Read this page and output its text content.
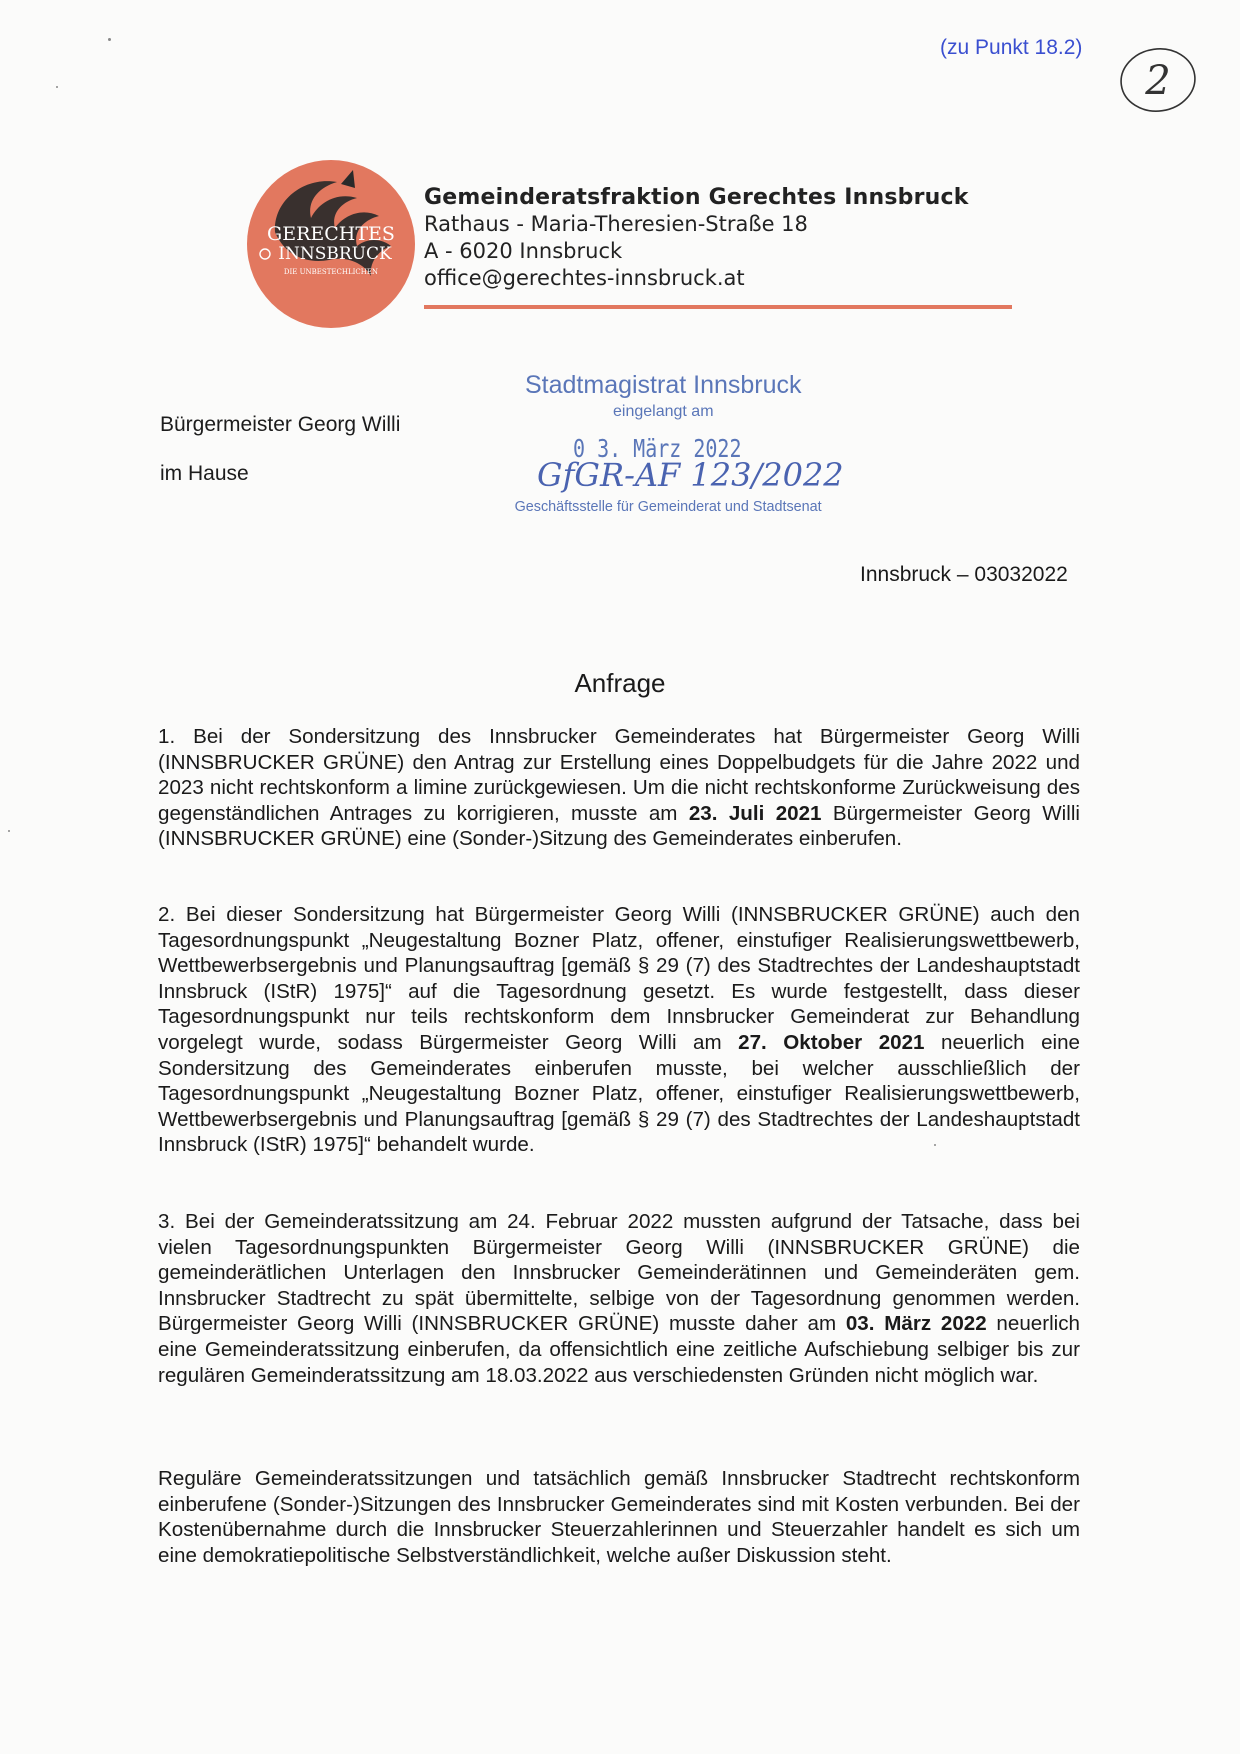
(zu Punkt 18.2)
2
GERECHTES
INNSBRUCK
DIE UNBESTECHLICHEN
Gemeinderatsfraktion Gerechtes Innsbruck
Rathaus - Maria-Theresien-Straße 18
A - 6020 Innsbruck
office@gerechtes-innsbruck.at
Bürgermeister Georg Willi
im Hause
Stadtmagistrat Innsbruck
eingelangt am
0 3. März 2022
GfGR-AF 123/2022
Geschäftsstelle für Gemeinderat und Stadtsenat
Innsbruck – 03032022
Anfrage
1. Bei der Sondersitzung des Innsbrucker Gemeinderates hat Bürgermeister Georg Willi (INNSBRUCKER GRÜNE) den Antrag zur Erstellung eines Doppelbudgets für die Jahre 2022 und 2023 nicht rechtskonform a limine zurückgewiesen. Um die nicht rechtskonforme Zurückweisung des gegenständlichen Antrages zu korrigieren, musste am 23. Juli 2021 Bürgermeister Georg Willi (INNSBRUCKER GRÜNE) eine (Sonder-)Sitzung des Gemeinderates einberufen.
2. Bei dieser Sondersitzung hat Bürgermeister Georg Willi (INNSBRUCKER GRÜNE) auch den Tagesordnungspunkt „Neugestaltung Bozner Platz, offener, einstufiger Realisierungswettbewerb, Wettbewerbsergebnis und Planungsauftrag [gemäß § 29 (7) des Stadtrechtes der Landeshauptstadt Innsbruck (IStR) 1975]“ auf die Tagesordnung gesetzt. Es wurde festgestellt, dass dieser Tagesordnungspunkt nur teils rechtskonform dem Innsbrucker Gemeinderat zur Behandlung vorgelegt wurde, sodass Bürgermeister Georg Willi am 27. Oktober 2021 neuerlich eine Sondersitzung des Gemeinderates einberufen musste, bei welcher ausschließlich der Tagesordnungspunkt „Neugestaltung Bozner Platz, offener, einstufiger Realisierungswettbewerb, Wettbewerbsergebnis und Planungsauftrag [gemäß § 29 (7) des Stadtrechtes der Landeshauptstadt Innsbruck (IStR) 1975]“ behandelt wurde.
3. Bei der Gemeinderatssitzung am 24. Februar 2022 mussten aufgrund der Tatsache, dass bei vielen Tagesordnungspunkten Bürgermeister Georg Willi (INNSBRUCKER GRÜNE) die gemeinderätlichen Unterlagen den Innsbrucker Gemeinderätinnen und Gemeinderäten gem. Innsbrucker Stadtrecht zu spät übermittelte, selbige von der Tagesordnung genommen werden. Bürgermeister Georg Willi (INNSBRUCKER GRÜNE) musste daher am 03. März 2022 neuerlich eine Gemeinderatssitzung einberufen, da offensichtlich eine zeitliche Aufschiebung selbiger bis zur regulären Gemeinderatssitzung am 18.03.2022 aus verschiedensten Gründen nicht möglich war.
Reguläre Gemeinderatssitzungen und tatsächlich gemäß Innsbrucker Stadtrecht rechtskonform einberufene (Sonder-)Sitzungen des Innsbrucker Gemeinderates sind mit Kosten verbunden. Bei der Kostenübernahme durch die Innsbrucker Steuerzahlerinnen und Steuerzahler handelt es sich um eine demokratiepolitische Selbstverständlichkeit, welche außer Diskussion steht.
